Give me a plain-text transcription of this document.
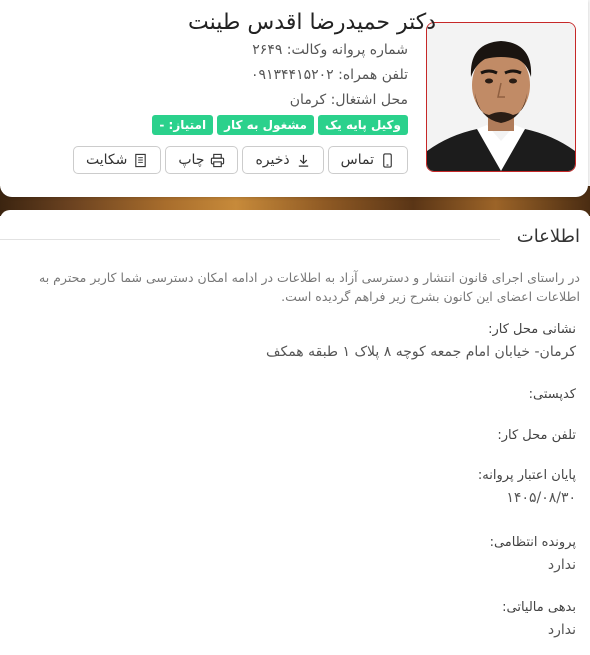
دکتر حمیدرضا اقدس طینت
شماره پروانه وکالت: ۲۶۴۹
تلفن همراه: ۰۹۱۳۴۴۱۵۲۰۲
محل اشتغال: کرمان
وکیل پایه یک
مشغول به کار
امتیاز: -
تماس
ذخیره
چاپ
شکایت
اطلاعات
در راستای اجرای قانون انتشار و دسترسی آزاد به اطلاعات در ادامه امکان دسترسی شما کاربر محترم به اطلاعات اعضای این کانون بشرح زیر فراهم گردیده است.
نشانی محل کار:
کرمان- خیابان امام جمعه کوچه ۸ پلاک ۱ طبقه همکف
کدپستی:
تلفن محل کار:
پایان اعتبار پروانه:
۱۴۰۵/۰۸/۳۰
پرونده انتظامی:
ندارد
بدهی مالیاتی:
ندارد
